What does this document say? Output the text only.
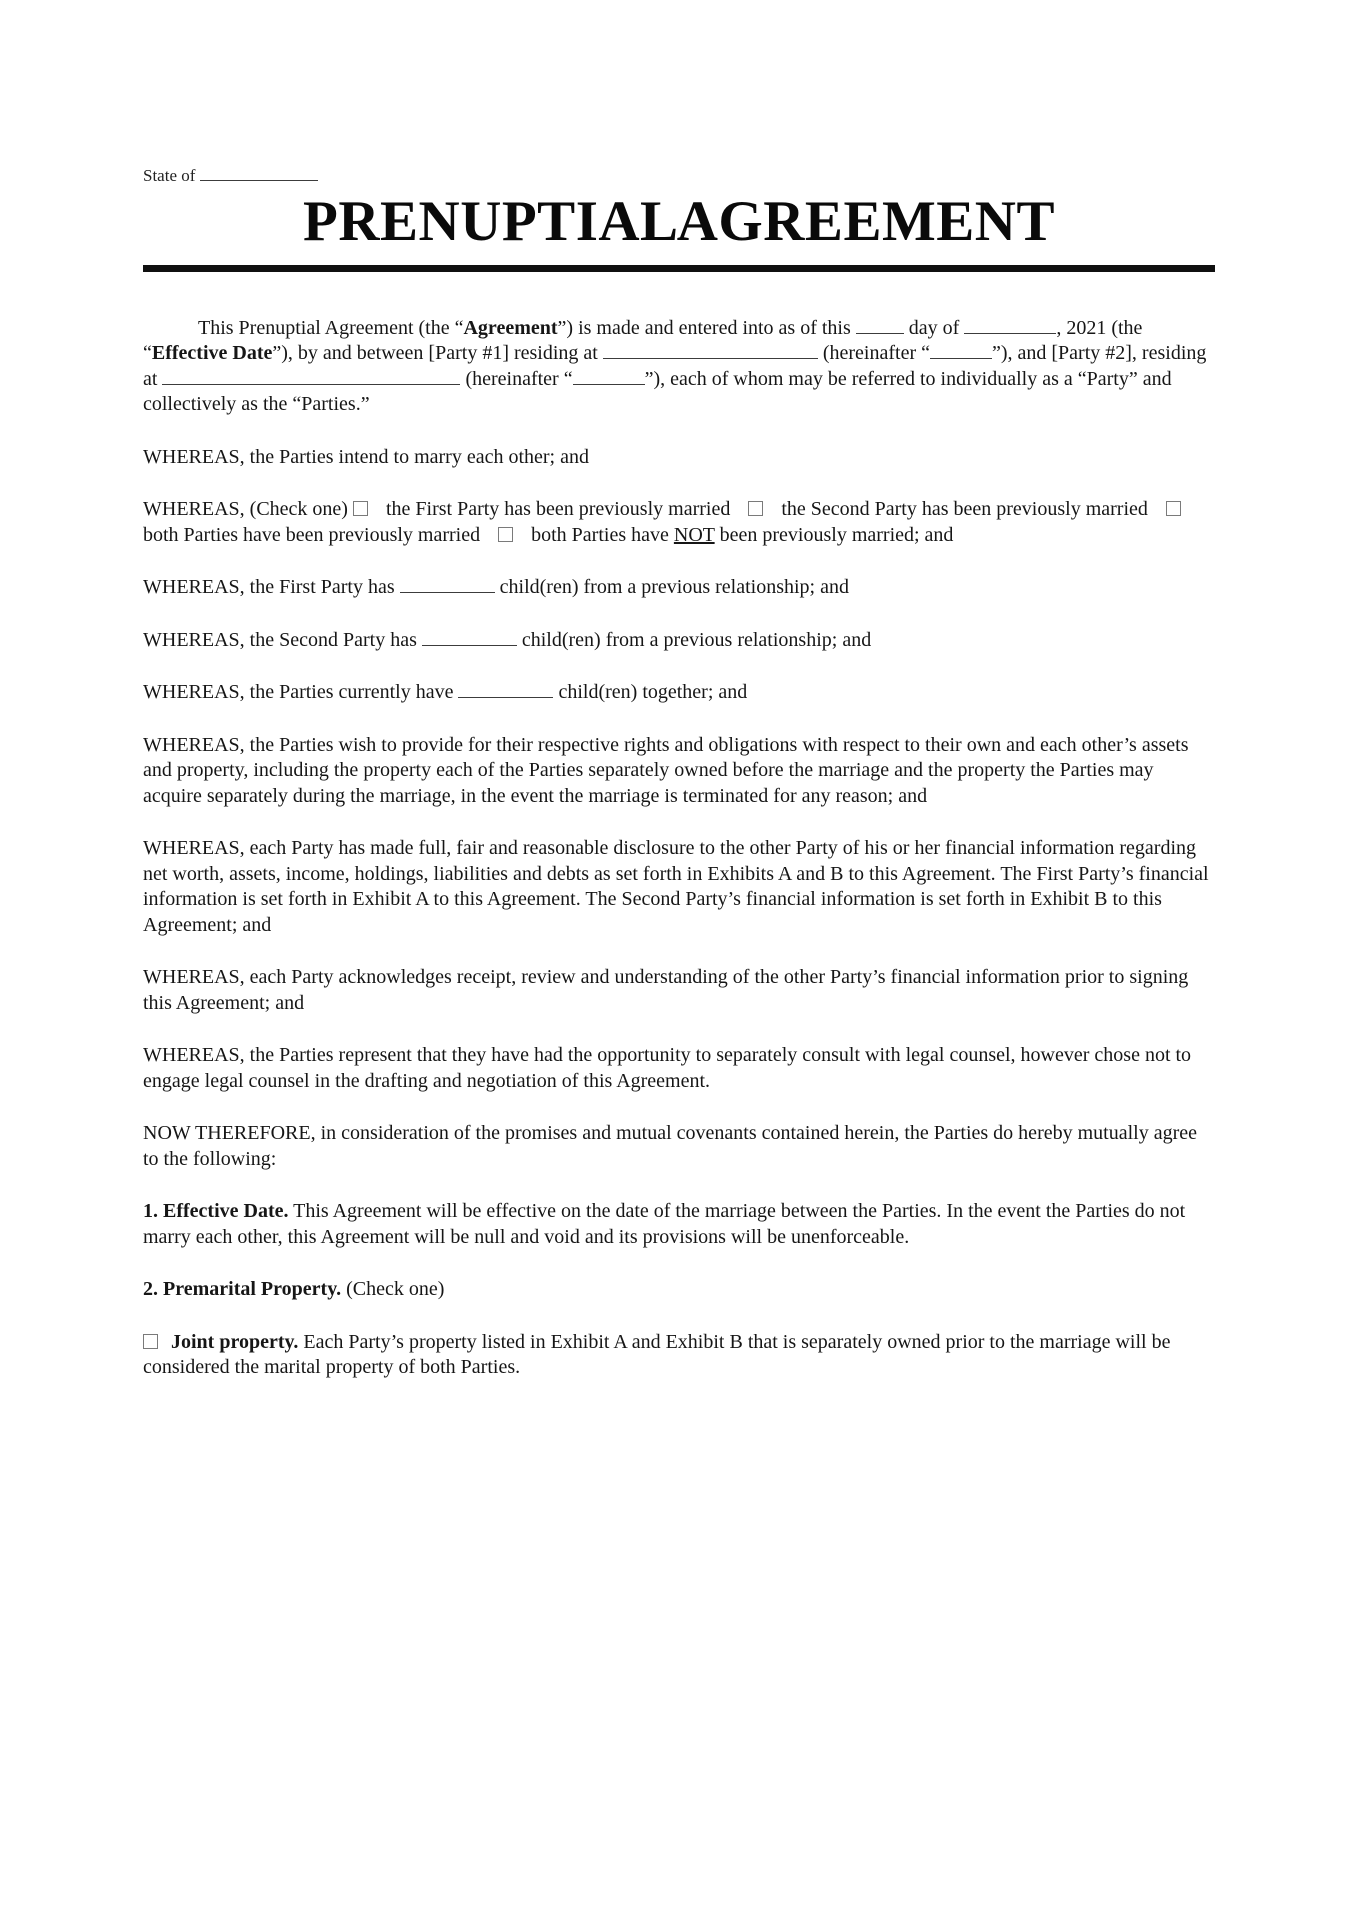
State of
PRENUPTIAL AGREEMENT

This Prenuptial Agreement (the “Agreement”) is made and entered into as of this  day of	, 2021 (the “Effective Date”), by and between [Party #1] residing at	(hereinafter “	”), and [Party #2], residing at	(hereinafter “	”), each of whom may be referred to individually as a “Party” and collectively as the “Parties.”

WHEREAS, the Parties intend to marry each other; and

WHEREAS, (Check one)  the First Party has been previously married  the Second Party has been previously married  both Parties have been previously married  both Parties have NOT been previously married; and

WHEREAS, the First Party has	child(ren) from a previous relationship; and

WHEREAS, the Second Party has	child(ren) from a previous relationship; and

WHEREAS, the Parties currently have	child(ren) together; and

WHEREAS, the Parties wish to provide for their respective rights and obligations with respect to their own and each other’s assets and property, including the property each of the Parties separately owned before the marriage and the property the Parties may acquire separately during the marriage, in the event the marriage is terminated for any reason; and

WHEREAS, each Party has made full, fair and reasonable disclosure to the other Party of his or her financial information regarding net worth, assets, income, holdings, liabilities and debts as set forth in Exhibits A and B to this Agreement. The First Party’s financial information is set forth in Exhibit A to this Agreement. The Second Party’s financial information is set forth in Exhibit B to this Agreement; and

WHEREAS, each Party acknowledges receipt, review and understanding of the other Party’s financial information prior to signing this Agreement; and

WHEREAS, the Parties represent that they have had the opportunity to separately consult with legal counsel, however chose not to engage legal counsel in the drafting and negotiation of this Agreement.

NOW THEREFORE, in consideration of the promises and mutual covenants contained herein, the Parties do hereby mutually agree to the following:

1. Effective Date. This Agreement will be effective on the date of the marriage between the Parties. In the event the Parties do not marry each other, this Agreement will be null and void and its provisions will be unenforceable.

2. Premarital Property. (Check one)

Joint property. Each Party’s property listed in Exhibit A and Exhibit B that is separately owned prior to the marriage will be considered the marital property of both Parties.
